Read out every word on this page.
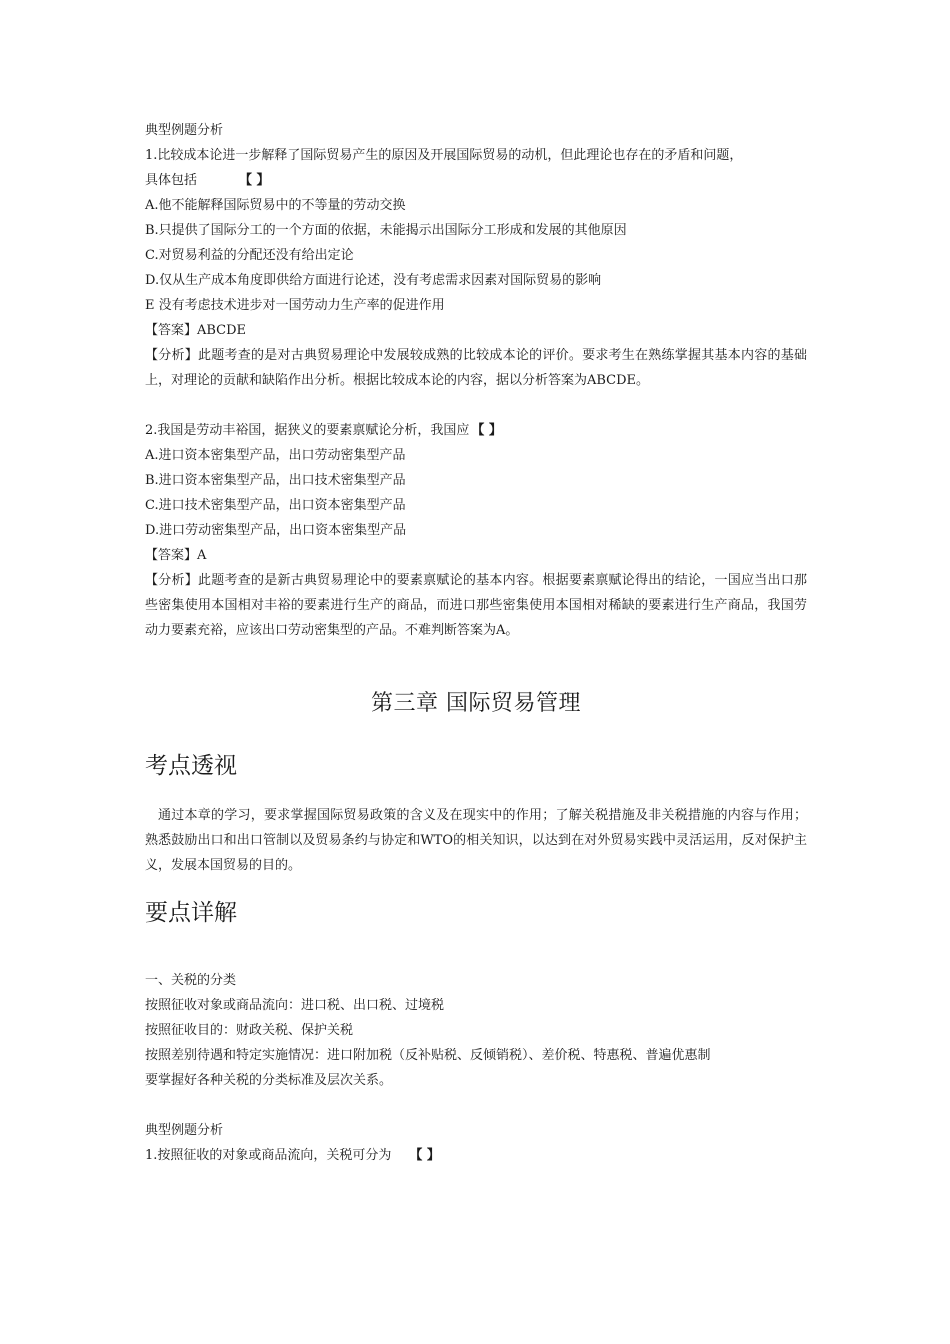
典型例题分析
1.比较成本论进一步解释了国际贸易产生的原因及开展国际贸易的动机，但此理论也存在的矛盾和问题，
具体包括	【 】
A.他不能解释国际贸易中的不等量的劳动交换
B.只提供了国际分工的一个方面的依据，未能揭示出国际分工形成和发展的其他原因
C.对贸易利益的分配还没有给出定论
D.仅从生产成本角度即供给方面进行论述，没有考虑需求因素对国际贸易的影响
E 没有考虑技术进步对一国劳动力生产率的促进作用
【答案】ABCDE
【分析】此题考查的是对古典贸易理论中发展较成熟的比较成本论的评价。要求考生在熟练掌握其基本内容的基础上，对理论的贡献和缺陷作出分析。根据比较成本论的内容，据以分析答案为ABCDE。
2.我国是劳动丰裕国，据狭义的要素禀赋论分析，我国应 【 】
A.进口资本密集型产品，出口劳动密集型产品
B.进口资本密集型产品，出口技术密集型产品
C.进口技术密集型产品，出口资本密集型产品
D.进口劳动密集型产品，出口资本密集型产品
【答案】A
【分析】此题考查的是新古典贸易理论中的要素禀赋论的基本内容。根据要素禀赋论得出的结论，一国应当出口那些密集使用本国相对丰裕的要素进行生产的商品，而进口那些密集使用本国相对稀缺的要素进行生产商品，我国劳动力要素充裕，应该出口劳动密集型的产品。不难判断答案为A。
第三章 国际贸易管理
考点透视
通过本章的学习，要求掌握国际贸易政策的含义及在现实中的作用；了解关税措施及非关税措施的内容与作用；熟悉鼓励出口和出口管制以及贸易条约与协定和WTO的相关知识，以达到在对外贸易实践中灵活运用，反对保护主义，发展本国贸易的目的。
要点详解
一、关税的分类
按照征收对象或商品流向：进口税、出口税、过境税
按照征收目的：财政关税、保护关税
按照差别待遇和特定实施情况：进口附加税（反补贴税、反倾销税）、差价税、特惠税、普遍优惠制
要掌握好各种关税的分类标准及层次关系。
典型例题分析
1.按照征收的对象或商品流向，关税可分为 【 】
